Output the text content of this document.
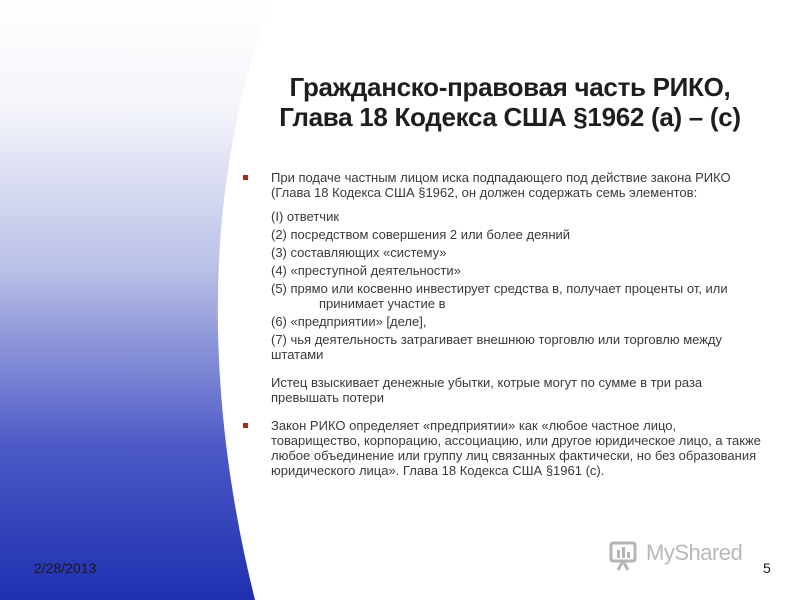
Гражданско-правовая часть РИКО,
Глава 18 Кодекса США §1962 (а) – (с)
При подаче частным лицом иска подпадающего под действие закона РИКО
(Глава 18 Кодекса США §1962, он должен содержать семь элементов:
(I) ответчик
(2) посредством совершения 2 или более деяний
(3) составляющих «систему»
(4) «преступной деятельности»
(5) прямо или косвенно инвестирует средства в, получает проценты от, или
принимает участие в
(6) «предприятии» [деле],
(7) чья деятельность затрагивает внешнюю торговлю или торговлю между
штатами
Истец взыскивает денежные убытки, котрые могут по сумме в три раза
превышать потери
Закон РИКО определяет «предприятии» как «любое частное лицо,
товарищество, корпорацию, ассоциацию, или другое юридическое лицо, а также
любое объединение или группу лиц связанных фактически, но без образования
юридического лица». Глава 18 Кодекса США §1961 (с).
2/28/2013
MyShared
5
